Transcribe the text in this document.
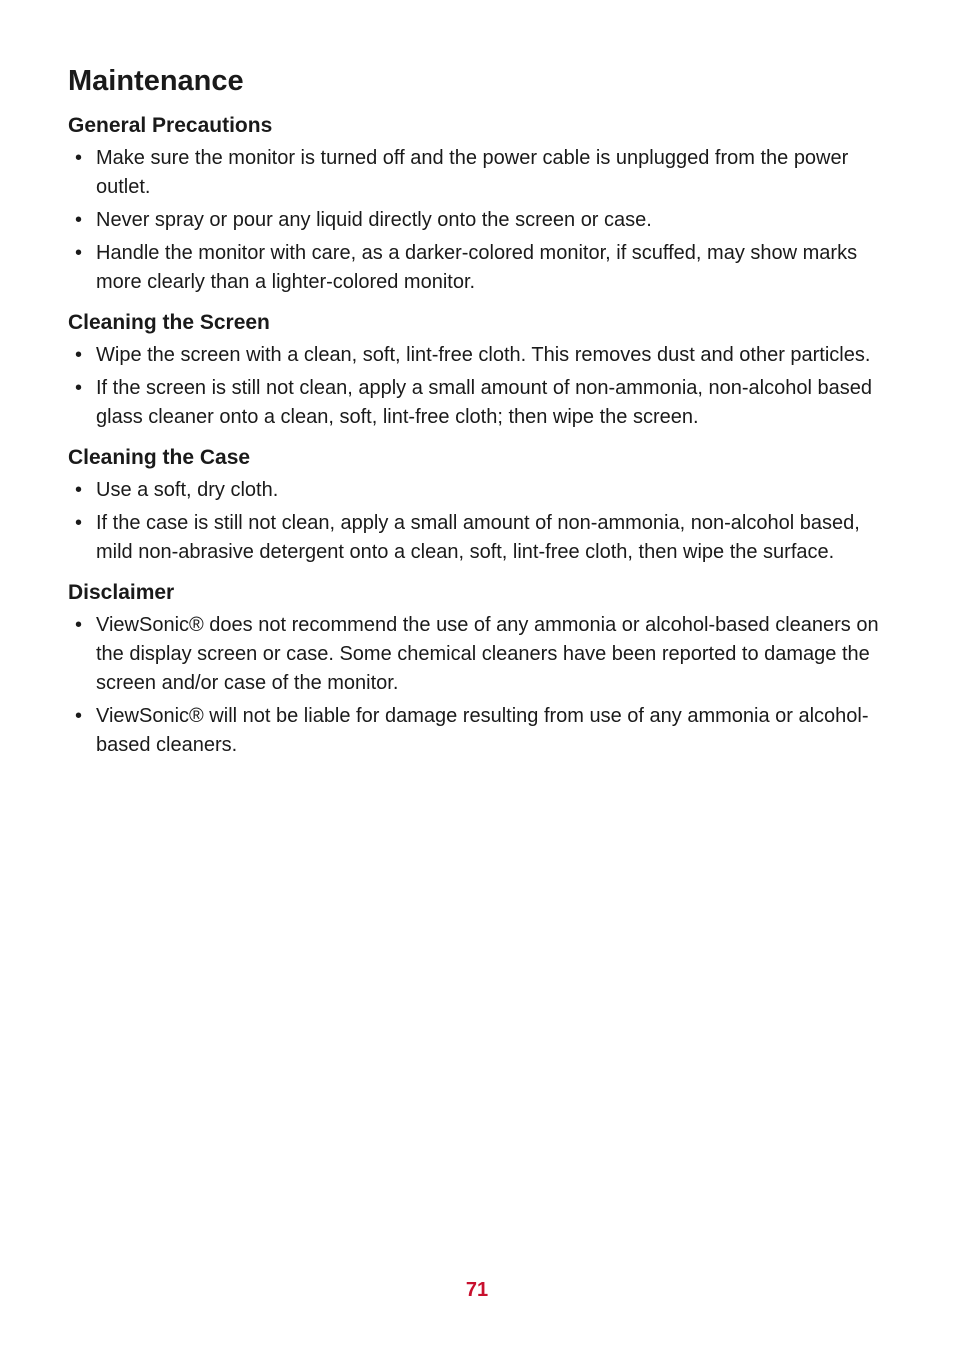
Maintenance
General Precautions
• Make sure the monitor is turned off and the power cable is unplugged from the power outlet.
• Never spray or pour any liquid directly onto the screen or case.
• Handle the monitor with care, as a darker-colored monitor, if scuffed, may show marks more clearly than a lighter-colored monitor.
Cleaning the Screen
• Wipe the screen with a clean, soft, lint-free cloth. This removes dust and other particles.
• If the screen is still not clean, apply a small amount of non-ammonia, non-alcohol based glass cleaner onto a clean, soft, lint-free cloth; then wipe the screen.
Cleaning the Case
• Use a soft, dry cloth.
• If the case is still not clean, apply a small amount of non-ammonia, non-alcohol based, mild non-abrasive detergent onto a clean, soft, lint-free cloth, then wipe the surface.
Disclaimer
• ViewSonic® does not recommend the use of any ammonia or alcohol-based cleaners on the display screen or case. Some chemical cleaners have been reported to damage the screen and/or case of the monitor.
• ViewSonic® will not be liable for damage resulting from use of any ammonia or alcohol-based cleaners.
71
